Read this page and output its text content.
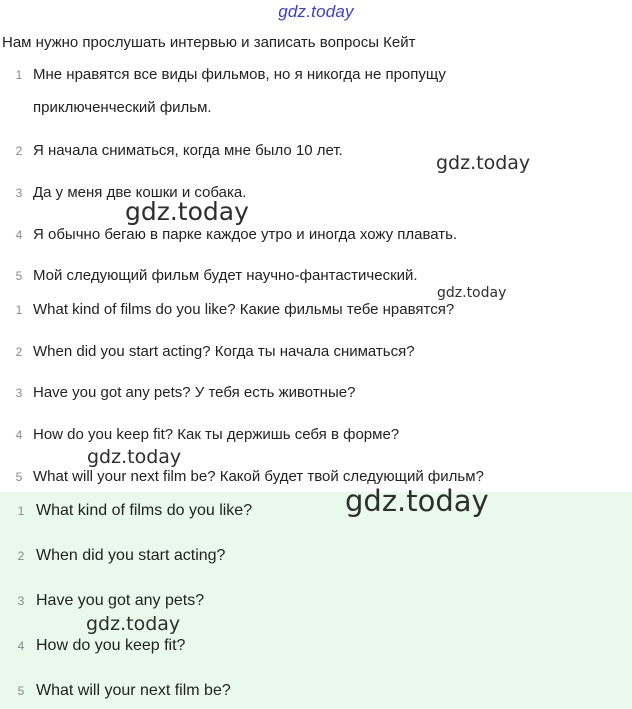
gdz.today
Нам нужно прослушать интервью и записать вопросы Кейт
1 Мне нравятся все виды фильмов, но я никогда не пропущу
приключенческий фильм.
2 Я начала сниматься, когда мне было 10 лет.
3 Да у меня две кошки и собака.
4 Я обычно бегаю в парке каждое утро и иногда хожу плавать.
5 Мой следующий фильм будет научно-фантастический.
1 What kind of films do you like? Какие фильмы тебе нравятся?
2 When did you start acting? Когда ты начала сниматься?
3 Have you got any pets? У тебя есть животные?
4 How do you keep fit? Как ты держишь себя в форме?
5 What will your next film be? Какой будет твой следующий фильм?
1 What kind of films do you like?
2 When did you start acting?
3 Have you got any pets?
4 How do you keep fit?
5 What will your next film be?
gdz.today
gdz.today
gdz.today
gdz.today
gdz.today
gdz.today
